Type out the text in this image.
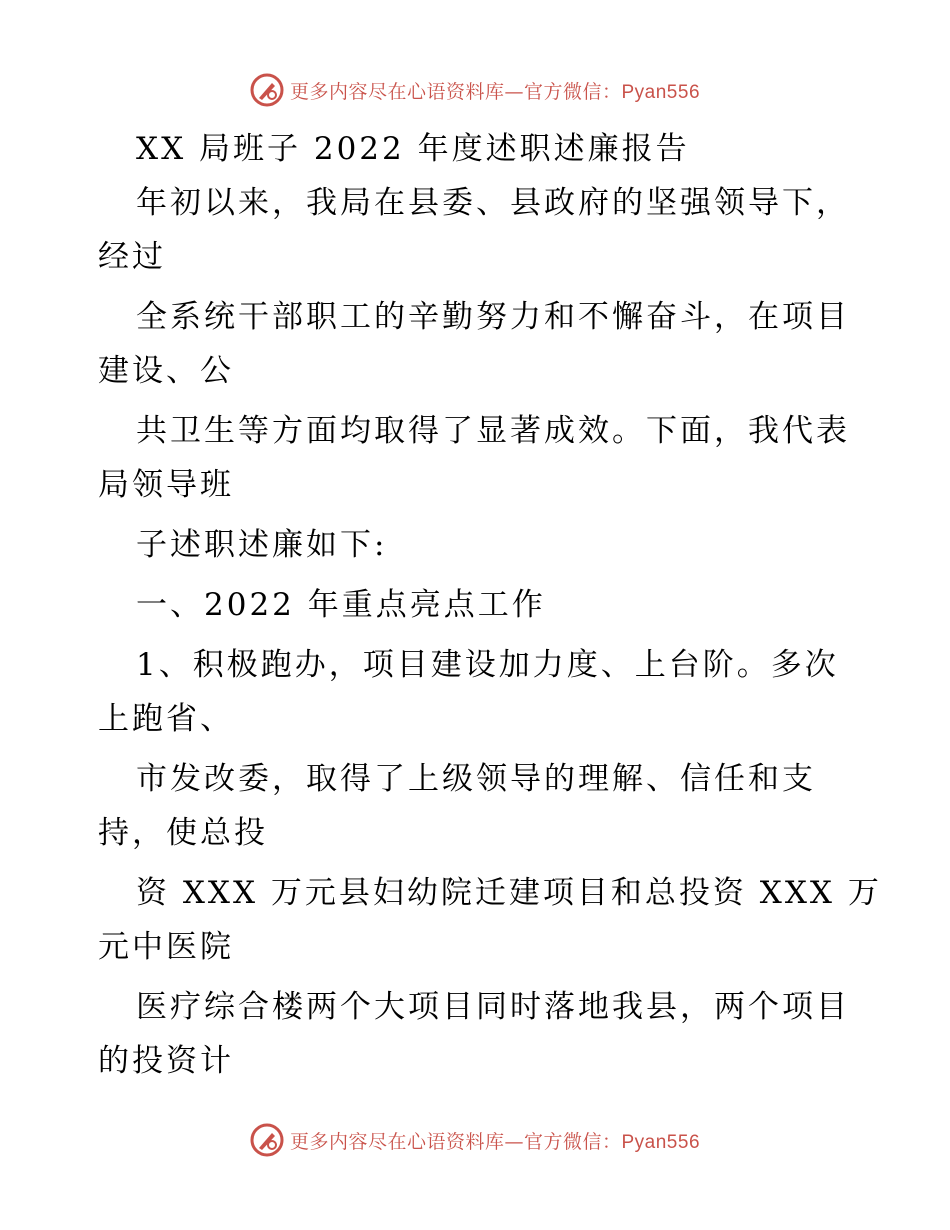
更多内容尽在心语资料库—官方微信：Pyan556
XX 局班子 2022 年度述职述廉报告
年初以来，我局在县委、县政府的坚强领导下，
经过
全系统干部职工的辛勤努力和不懈奋斗，在项目
建设、公
共卫生等方面均取得了显著成效。下面，我代表
局领导班
子述职述廉如下:
一、2022 年重点亮点工作
1、积极跑办，项目建设加力度、上台阶。多次
上跑省、
市发改委，取得了上级领导的理解、信任和支
持，使总投
资 XXX 万元县妇幼院迁建项目和总投资 XXX 万
元中医院
医疗综合楼两个大项目同时落地我县，两个项目
的投资计
更多内容尽在心语资料库—官方微信：Pyan556
